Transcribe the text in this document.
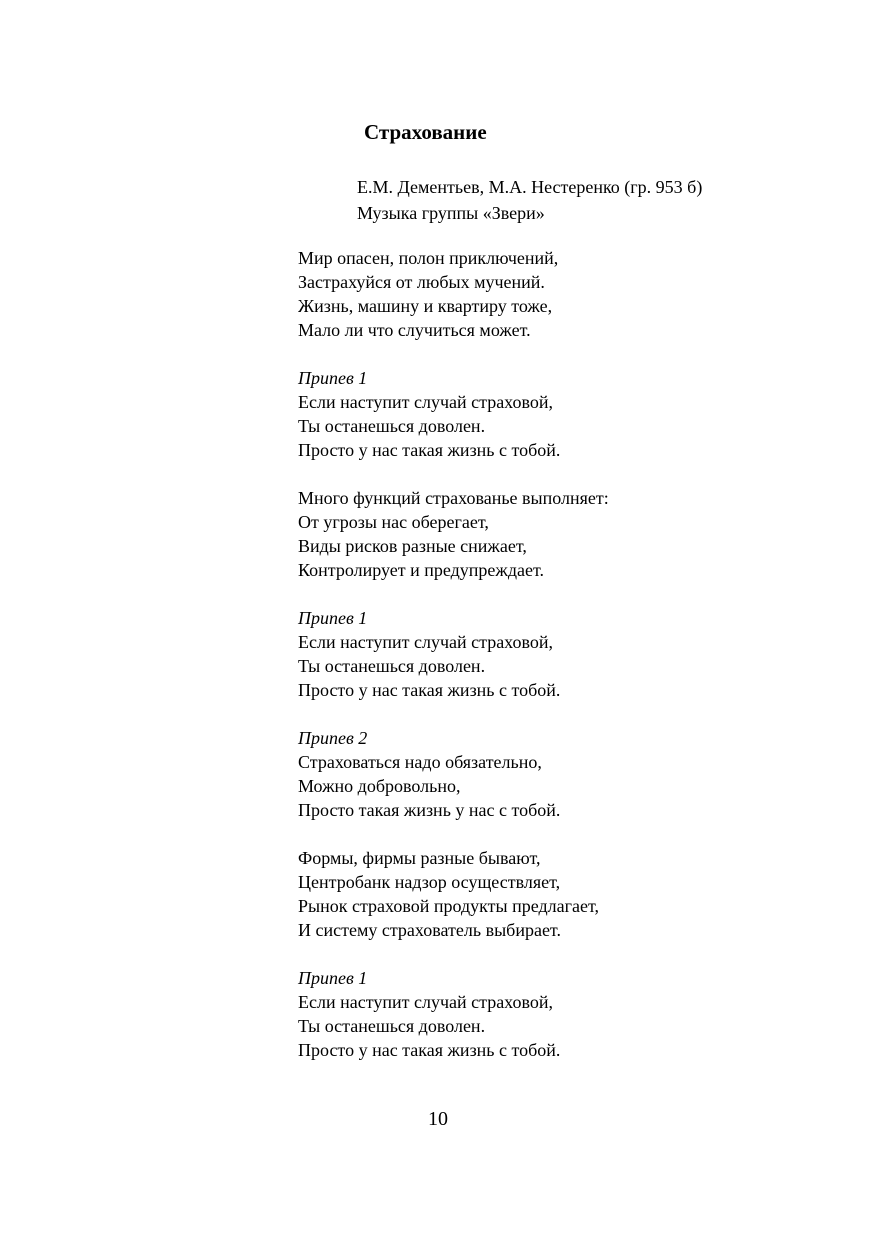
Страхование
Е.М. Дементьев, М.А. Нестеренко (гр. 953 б)
Музыка группы «Звери»
Мир опасен, полон приключений,
Застрахуйся от любых мучений.
Жизнь, машину и квартиру тоже,
Мало ли что случиться может.
Припев 1
Если наступит случай страховой,
Ты останешься доволен.
Просто у нас такая жизнь с тобой.
Много функций страхованье выполняет:
От угрозы нас оберегает,
Виды рисков разные снижает,
Контролирует и предупреждает.
Припев 1
Если наступит случай страховой,
Ты останешься доволен.
Просто у нас такая жизнь с тобой.
Припев 2
Страховаться надо обязательно,
Можно добровольно,
Просто такая жизнь у нас с тобой.
Формы, фирмы разные бывают,
Центробанк надзор осуществляет,
Рынок страховой продукты предлагает,
И систему страхователь выбирает.
Припев 1
Если наступит случай страховой,
Ты останешься доволен.
Просто у нас такая жизнь с тобой.
10
